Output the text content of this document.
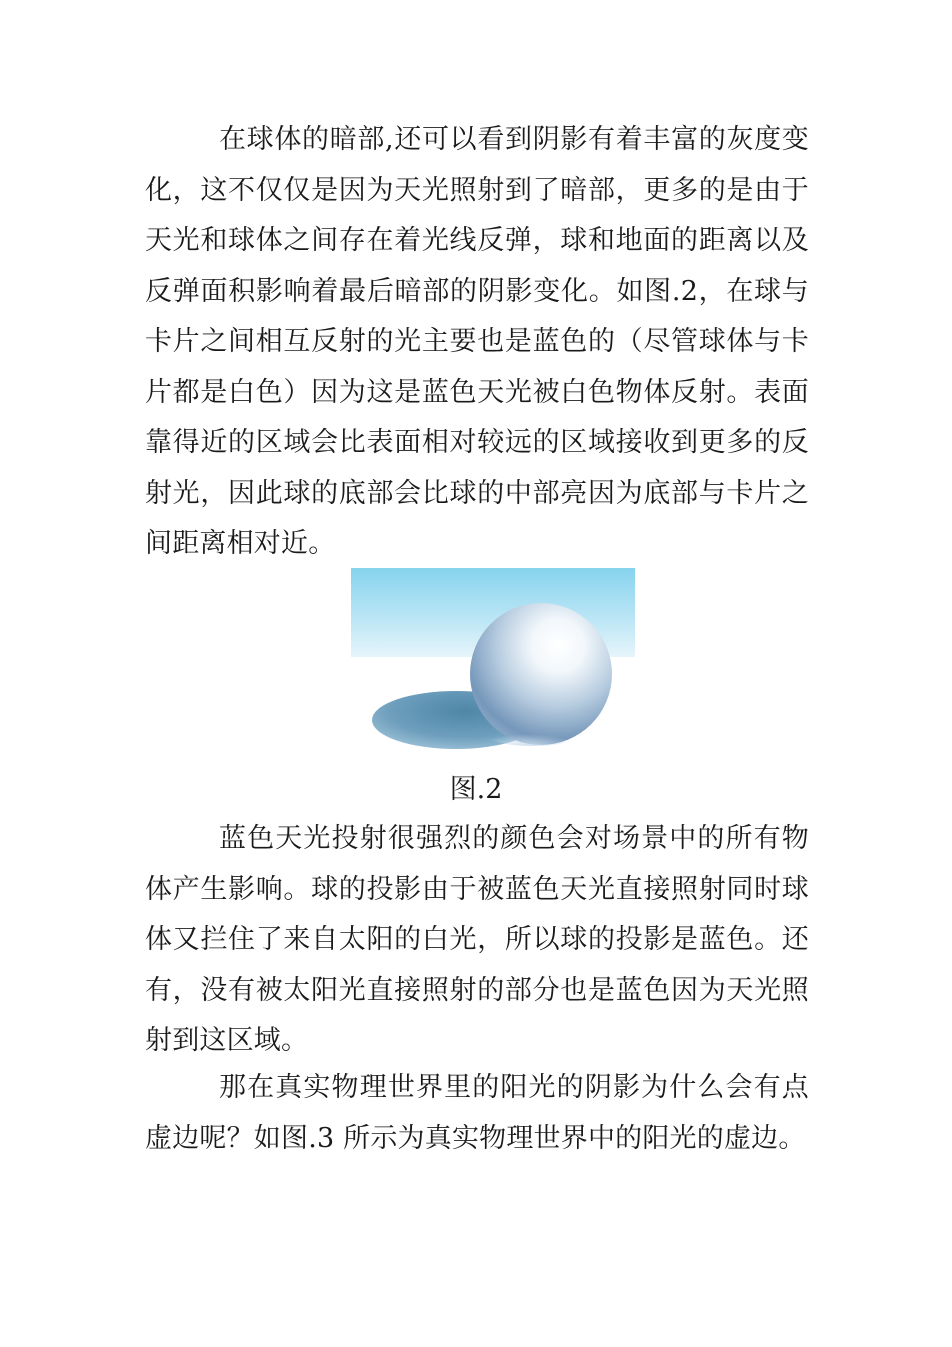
在球体的暗部,还可以看到阴影有着丰富的灰度变化，这不仅仅是因为天光照射到了暗部，更多的是由于天光和球体之间存在着光线反弹，球和地面的距离以及反弹面积影响着最后暗部的阴影变化。如图.2，在球与卡片之间相互反射的光主要也是蓝色的（尽管球体与卡片都是白色）因为这是蓝色天光被白色物体反射。表面靠得近的区域会比表面相对较远的区域接收到更多的反射光，因此球的底部会比球的中部亮因为底部与卡片之间距离相对近。

图.2

蓝色天光投射很强烈的颜色会对场景中的所有物体产生影响。球的投影由于被蓝色天光直接照射同时球体又拦住了来自太阳的白光，所以球的投影是蓝色。还有，没有被太阳光直接照射的部分也是蓝色因为天光照射到这区域。

那在真实物理世界里的阳光的阴影为什么会有点虚边呢？如图.3 所示为真实物理世界中的阳光的虚边。
